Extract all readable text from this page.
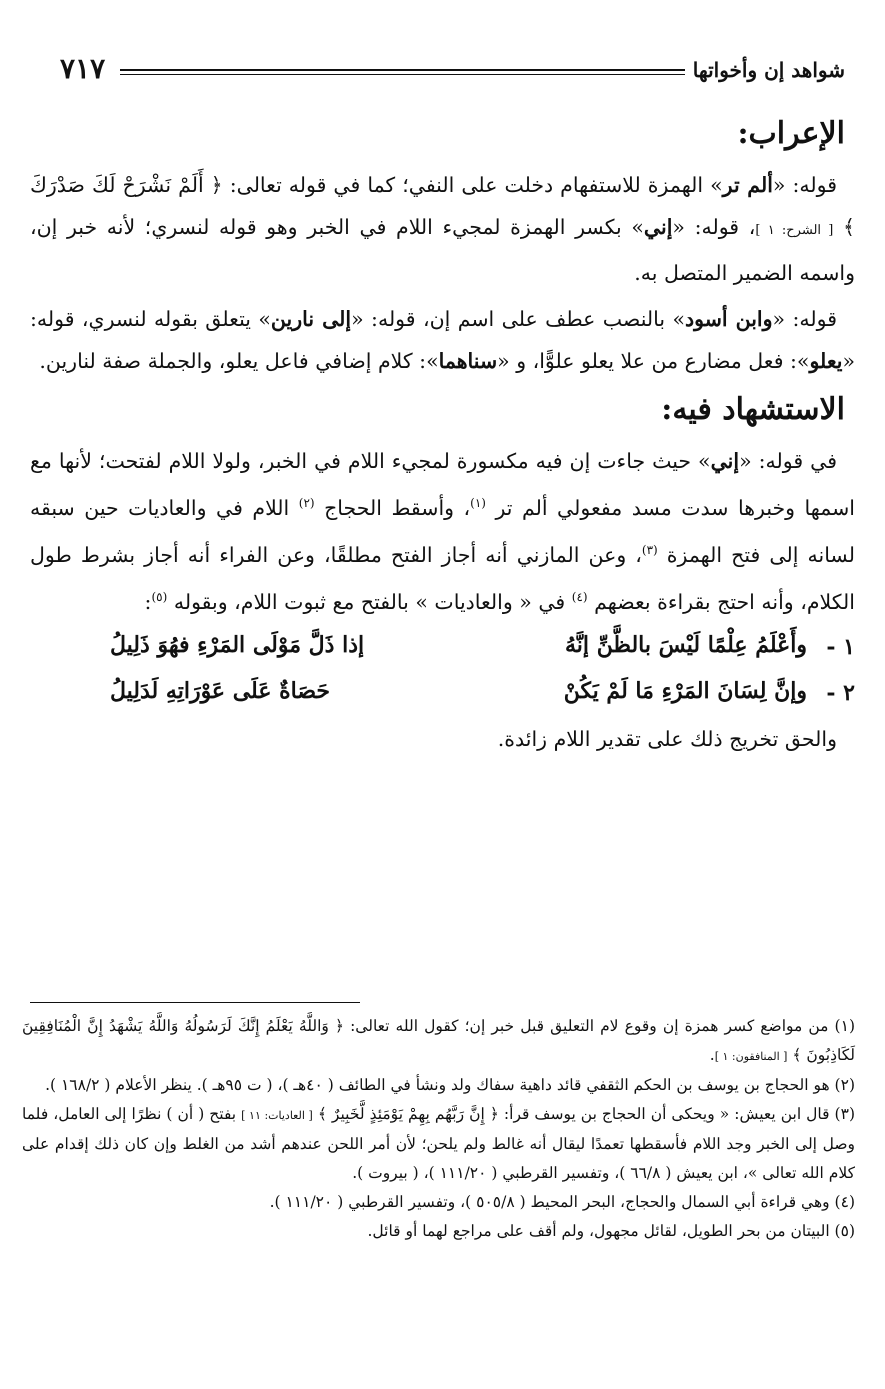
شواهد إن وأخواتها
٧١٧
الإعراب:

قوله: «ألم تر» الهمزة للاستفهام دخلت على النفي؛ كما في قوله تعالى: ﴿ أَلَمْ نَشْرَحْ لَكَ صَدْرَكَ ﴾ [ الشرح: ١ ]، قوله: «إني» بكسر الهمزة لمجيء اللام في الخبر وهو قوله لنسري؛ لأنه خبر إن، واسمه الضمير المتصل به.

قوله: «وابن أسود» بالنصب عطف على اسم إن، قوله: «إلى نارين» يتعلق بقوله لنسري، قوله: «يعلو»: فعل مضارع من علا يعلو علوًّا، و «سناهما»: كلام إضافي فاعل يعلو، والجملة صفة لنارين.

الاستشهاد فيه:

في قوله: «إني» حيث جاءت إن فيه مكسورة لمجيء اللام في الخبر، ولولا اللام لفتحت؛ لأنها مع اسمها وخبرها سدت مسد مفعولي ألم تر $^{(١)}$، وأسقط الحجاج $^{(٢)}$ اللام في والعاديات حين سبقه لسانه إلى فتح الهمزة $^{(٣)}$، وعن المازني أنه أجاز الفتح مطلقًا، وعن الفراء أنه أجاز بشرط طول الكلام، وأنه احتج بقراءة بعضهم $^{(٤)}$ في « والعاديات » بالفتح مع ثبوت اللام، وبقوله $^{(٥)}$:

١ -
وأَعْلَمُ عِلْمًا لَيْسَ بالظَّنِّ إنَّهُ
إذا ذَلَّ مَوْلَى المَرْءِ فهُوَ ذَلِيلُ
٢ -
وإنَّ لِسَانَ المَرْءِ مَا لَمْ يَكُنْ
حَصَاةٌ عَلَى عَوْرَاتِهِ لَدَلِيلُ

والحق تخريج ذلك على تقدير اللام زائدة.

(١) من مواضع كسر همزة إن وقوع لام التعليق قبل خبر إن؛ كقول الله تعالى: ﴿ وَاللَّهُ يَعْلَمُ إِنَّكَ لَرَسُولُهُ وَاللَّهُ يَشْهَدُ إِنَّ الْمُنَافِقِينَ لَكَاذِبُونَ ﴾ [ المنافقون: ١ ].

(٢) هو الحجاج بن يوسف بن الحكم الثقفي قائد داهية سفاك ولد ونشأ في الطائف ( ٤٠هـ )، ( ت ٩٥هـ ). ينظر الأعلام ( ١٦٨/٢ ).

(٣) قال ابن يعيش: « ويحكى أن الحجاج بن يوسف قرأ: ﴿ إِنَّ رَبَّهُم بِهِمْ يَوْمَئِذٍ لَّخَبِيرٌ ﴾ [ العاديات: ١١ ] بفتح ( أن ) نظرًا إلى العامل، فلما وصل إلى الخبر وجد اللام فأسقطها تعمدًا ليقال أنه غالط ولم يلحن؛ لأن أمر اللحن عندهم أشد من الغلط وإن كان ذلك إقدام على كلام الله تعالى »، ابن يعيش ( ٦٦/٨ )، وتفسير القرطبي ( ١١١/٢٠ )، ( بيروت ).

(٤) وهي قراءة أبي السمال والحجاج، البحر المحيط ( ٥٠٥/٨ )، وتفسير القرطبي ( ١١١/٢٠ ).

(٥) البيتان من بحر الطويل، لقائل مجهول، ولم أقف على مراجع لهما أو قائل.
